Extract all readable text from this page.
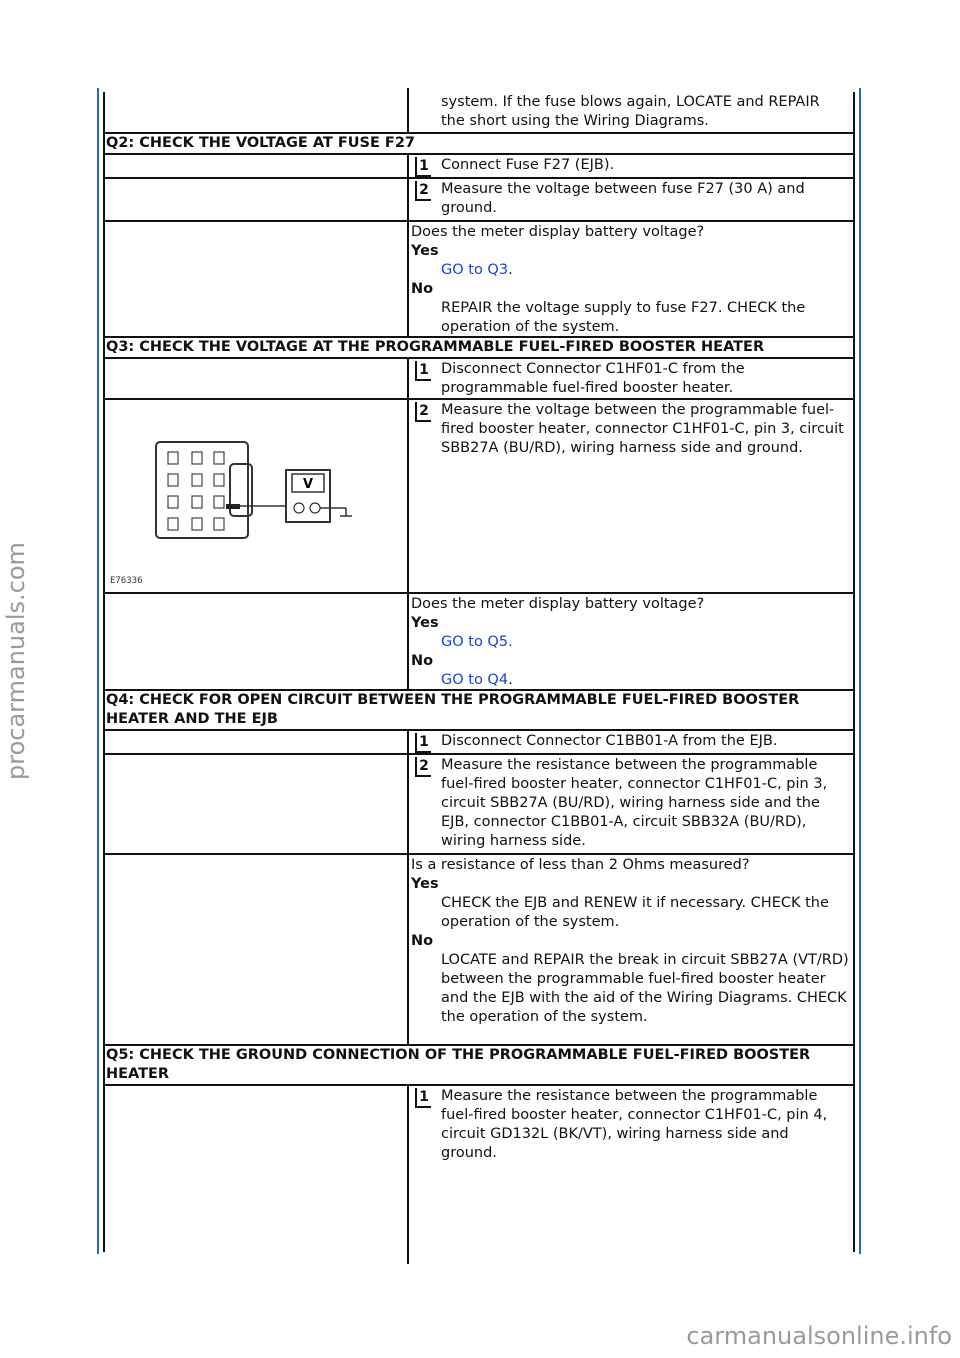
procarmanuals.com
carmanualsonline.info
system. If the fuse blows again, LOCATE and REPAIR the short using the Wiring Diagrams.
Q2: CHECK THE VOLTAGE AT FUSE F27
1 Connect Fuse F27 (EJB).
2 Measure the voltage between fuse F27 (30 A) and ground.
Does the meter display battery voltage?
Yes
GO to Q3.
No
REPAIR the voltage supply to fuse F27. CHECK the operation of the system.
Q3: CHECK THE VOLTAGE AT THE PROGRAMMABLE FUEL-FIRED BOOSTER HEATER
1 Disconnect Connector C1HF01-C from the programmable fuel-fired booster heater.
V
E76336
2 Measure the voltage between the programmable fuel-fired booster heater, connector C1HF01-C, pin 3, circuit SBB27A (BU/RD), wiring harness side and ground.
Does the meter display battery voltage?
Yes
GO to Q5.
No
GO to Q4.
Q4: CHECK FOR OPEN CIRCUIT BETWEEN THE PROGRAMMABLE FUEL-FIRED BOOSTER HEATER AND THE EJB
1 Disconnect Connector C1BB01-A from the EJB.
2 Measure the resistance between the programmable fuel-fired booster heater, connector C1HF01-C, pin 3, circuit SBB27A (BU/RD), wiring harness side and the EJB, connector C1BB01-A, circuit SBB32A (BU/RD), wiring harness side.
Is a resistance of less than 2 Ohms measured?
Yes
CHECK the EJB and RENEW it if necessary. CHECK the operation of the system.
No
LOCATE and REPAIR the break in circuit SBB27A (VT/RD) between the programmable fuel-fired booster heater and the EJB with the aid of the Wiring Diagrams. CHECK the operation of the system.
Q5: CHECK THE GROUND CONNECTION OF THE PROGRAMMABLE FUEL-FIRED BOOSTER HEATER
1 Measure the resistance between the programmable fuel-fired booster heater, connector C1HF01-C, pin 4, circuit GD132L (BK/VT), wiring harness side and ground.
